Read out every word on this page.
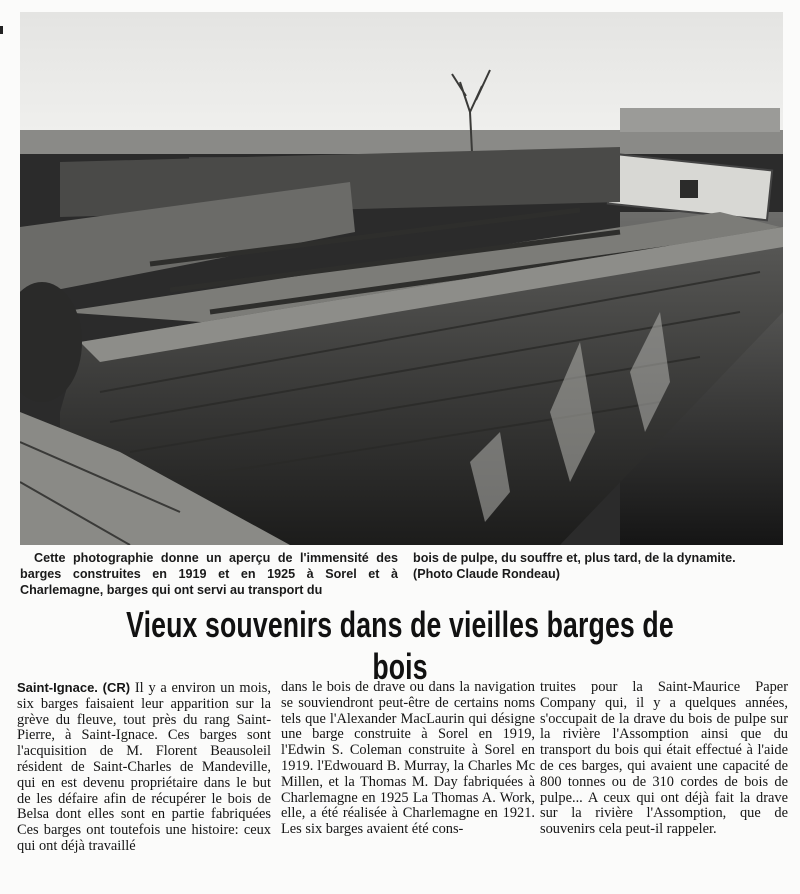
Cette photographie donne un aperçu de l'immensité des barges construites en 1919 et en 1925 à Sorel et à Charlemagne, barges qui ont servi au transport du

bois de pulpe, du souffre et, plus tard, de la dynamite.

(Photo Claude Rondeau)

Vieux souvenirs dans de vieilles barges de bois

Saint-Ignace. (CR) Il y a environ un mois, six barges faisaient leur apparition sur la grève du fleuve, tout près du rang Saint-Pierre, à Saint-Ignace. Ces barges sont l'acquisition de M. Florent Beausoleil résident de Saint-Charles de Mandeville, qui en est devenu propriétaire dans le but de les défaire afin de récupérer le bois de Belsa dont elles sont en partie fabriquées Ces barges ont toutefois une histoire: ceux qui ont déjà travaillé

dans le bois de drave ou dans la navigation se souviendront peut-être de certains noms tels que l'Alexander MacLaurin qui désigne une barge construite à Sorel en 1919, l'Edwin S. Coleman construite à Sorel en 1919. l'Edwouard B. Murray, la Charles Mc Millen, et la Thomas M. Day fabriquées à Charlemagne en 1925 La Thomas A. Work, elle, a été réalisée à Charlemagne en 1921. Les six barges avaient été cons-

truites pour la Saint-Maurice Paper Company qui, il y a quelques années, s'occupait de la drave du bois de pulpe sur la rivière l'Assomption ainsi que du transport du bois qui était effectué à l'aide de ces barges, qui avaient une capacité de 800 tonnes ou de 310 cordes de bois de pulpe... A ceux qui ont déjà fait la drave sur la rivière l'Assomption, que de souvenirs cela peut-il rappeler.
